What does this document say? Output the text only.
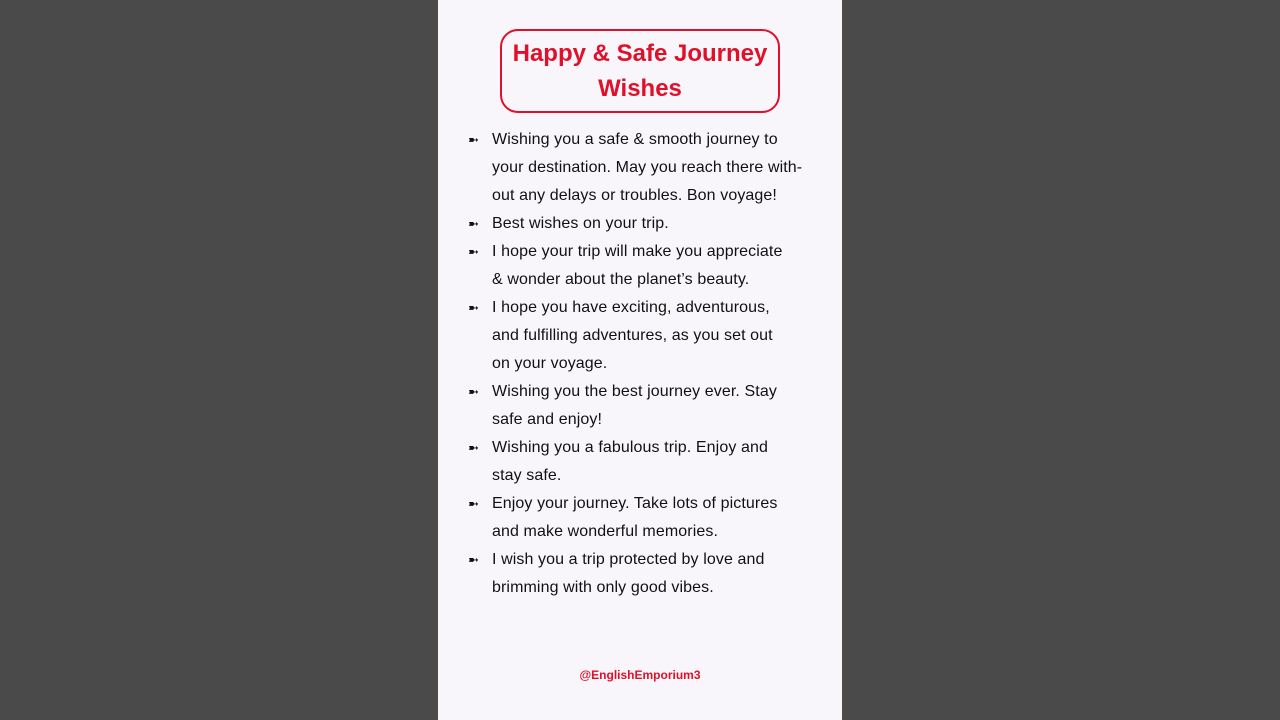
Happy & Safe Journey Wishes
➼ Wishing you a safe & smooth journey to
your destination. May you reach there with-
out any delays or troubles. Bon voyage!
➼ Best wishes on your trip.
➼ I hope your trip will make you appreciate
& wonder about the planet’s beauty.
➼ I hope you have exciting, adventurous,
and fulfilling adventures, as you set out
on your voyage.
➼ Wishing you the best journey ever. Stay
safe and enjoy!
➼ Wishing you a fabulous trip. Enjoy and
stay safe.
➼ Enjoy your journey. Take lots of pictures
and make wonderful memories.
➼ I wish you a trip protected by love and
brimming with only good vibes.
@EnglishEmporium3
